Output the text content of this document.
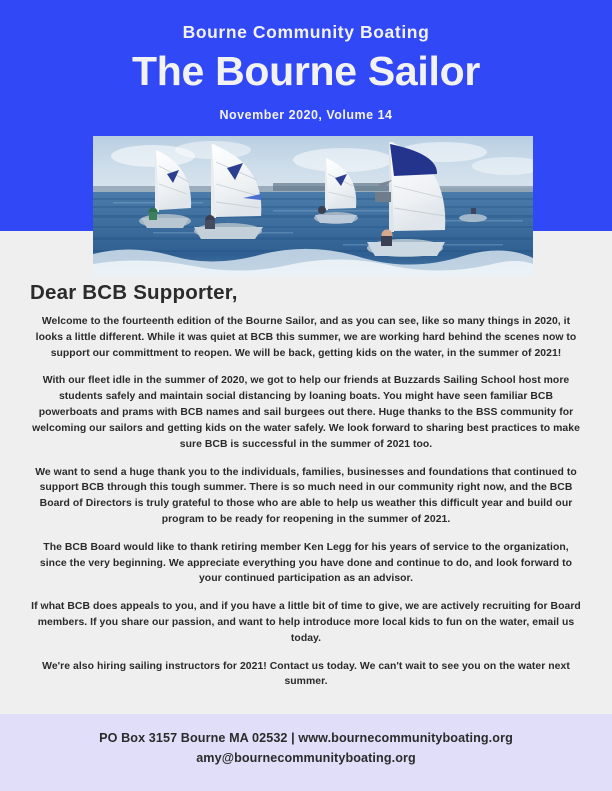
Bourne Community Boating
The Bourne Sailor
November 2020, Volume 14
Dear BCB Supporter,

Welcome to the fourteenth edition of the Bourne Sailor, and as you can see, like so many things in 2020, it looks a little different. While it was quiet at BCB this summer, we are working hard behind the scenes now to support our committment to reopen. We will be back, getting kids on the water, in the summer of 2021!

With our fleet idle in the summer of 2020, we got to help our friends at Buzzards Sailing School host more students safely and maintain social distancing by loaning boats. You might have seen familiar BCB powerboats and prams with BCB names and sail burgees out there. Huge thanks to the BSS community for welcoming our sailors and getting kids on the water safely. We look forward to sharing best practices to make sure BCB is successful in the summer of 2021 too.

We want to send a huge thank you to the individuals, families, businesses and foundations that continued to support BCB through this tough summer. There is so much need in our community right now, and the BCB Board of Directors is truly grateful to those who are able to help us weather this difficult year and build our program to be ready for reopening in the summer of 2021.

The BCB Board would like to thank retiring member Ken Legg for his years of service to the organization, since the very beginning. We appreciate everything you have done and continue to do, and look forward to your continued participation as an advisor.

If what BCB does appeals to you, and if you have a little bit of time to give, we are actively recruiting for Board members. If you share our passion, and want to help introduce more local kids to fun on the water, email us today.

We're also hiring sailing instructors for 2021! Contact us today. We can't wait to see you on the water next summer.

PO Box 3157 Bourne MA 02532 | www.bournecommunityboating.org
amy@bournecommunityboating.org
